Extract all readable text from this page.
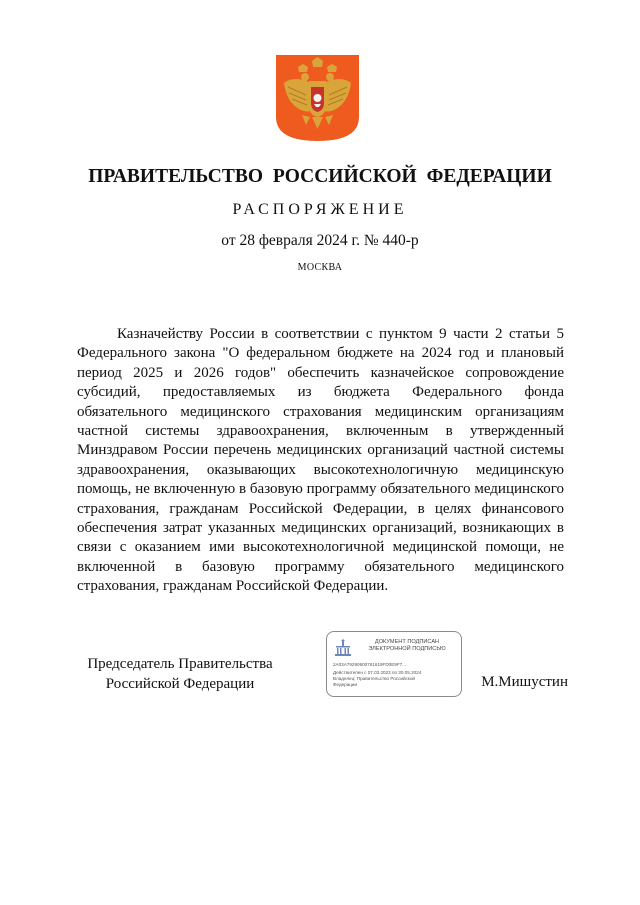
ПРАВИТЕЛЬСТВО РОССИЙСКОЙ ФЕДЕРАЦИИ
РАСПОРЯЖЕНИЕ
от 28 февраля 2024 г. № 440-р
МОСКВА

Казначейству России в соответствии с пунктом 9 части 2 статьи 5 Федерального закона "О федеральном бюджете на 2024 год и плановый период 2025 и 2026 годов" обеспечить казначейское сопровождение субсидий, предоставляемых из бюджета Федерального фонда обязательного медицинского страхования медицинским организациям частной системы здравоохранения, включенным в утвержденный Минздравом России перечень медицинских организаций частной системы здравоохранения, оказывающих высокотехнологичную медицинскую помощь, не включенную в базовую программу обязательного медицинского страхования, гражданам Российской Федерации, в целях финансового обеспечения затрат указанных медицинских организаций, возникающих в связи с оказанием ими высокотехнологичной медицинской помощи, не включенной в базовую программу обязательного медицинского страхования, гражданам Российской Федерации.

Председатель Правительства
Российской Федерации
ДОКУМЕНТ ПОДПИСАН
ЭЛЕКТРОННОЙ ПОДПИСЬЮ
2A03A79290600761619FD0E9F7...
Действителен с 07.03.2023 по 30.05.2024
Владелец: Правительство Российской
Федерации	М.Мишустин
